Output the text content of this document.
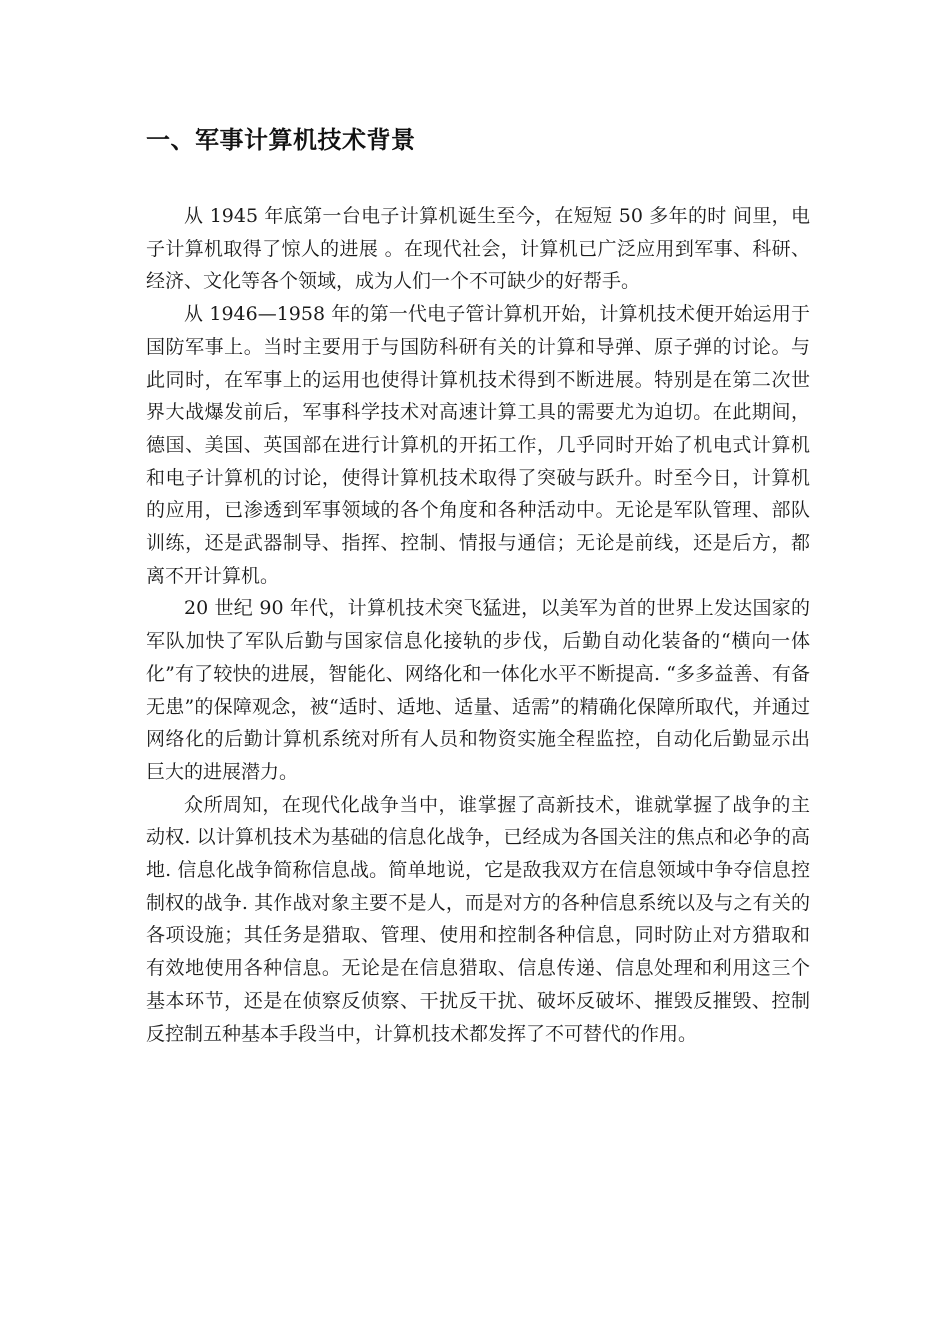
一、军事计算机技术背景

从 1945 年底第一台电子计算机诞生至今，在短短 50 多年的时 间里，电子计算机取得了惊人的进展 。在现代社会，计算机已广泛应用到军事、科研、经济、文化等各个领域，成为人们一个不可缺少的好帮手。

从 1946—1958 年的第一代电子管计算机开始，计算机技术便开始运用于国防军事上。当时主要用于与国防科研有关的计算和导弹、原子弹的讨论。与此同时，在军事上的运用也使得计算机技术得到不断进展。特别是在第二次世界大战爆发前后，军事科学技术对高速计算工具的需要尤为迫切。在此期间，德国、美国、英国部在进行计算机的开拓工作，几乎同时开始了机电式计算机和电子计算机的讨论，使得计算机技术取得了突破与跃升。时至今日，计算机的应用，已渗透到军事领域的各个角度和各种活动中。无论是军队管理、部队训练，还是武器制导、指挥、控制、情报与通信；无论是前线，还是后方，都离不开计算机。

20 世纪 90 年代，计算机技术突飞猛进，以美军为首的世界上发达国家的军队加快了军队后勤与国家信息化接轨的步伐，后勤自动化装备的“横向一体化”有了较快的进展，智能化、网络化和一体化水平不断提高. “多多益善、有备无患”的保障观念，被“适时、适地、适量、适需”的精确化保障所取代，并通过网络化的后勤计算机系统对所有人员和物资实施全程监控，自动化后勤显示出巨大的进展潜力。

众所周知，在现代化战争当中，谁掌握了高新技术，谁就掌握了战争的主动权. 以计算机技术为基础的信息化战争，已经成为各国关注的焦点和必争的高地. 信息化战争简称信息战。简单地说，它是敌我双方在信息领域中争夺信息控制权的战争. 其作战对象主要不是人，而是对方的各种信息系统以及与之有关的各项设施；其任务是猎取、管理、使用和控制各种信息，同时防止对方猎取和有效地使用各种信息。无论是在信息猎取、信息传递、信息处理和利用这三个基本环节，还是在侦察反侦察、干扰反干扰、破坏反破坏、摧毁反摧毁、控制反控制五种基本手段当中，计算机技术都发挥了不可替代的作用。
